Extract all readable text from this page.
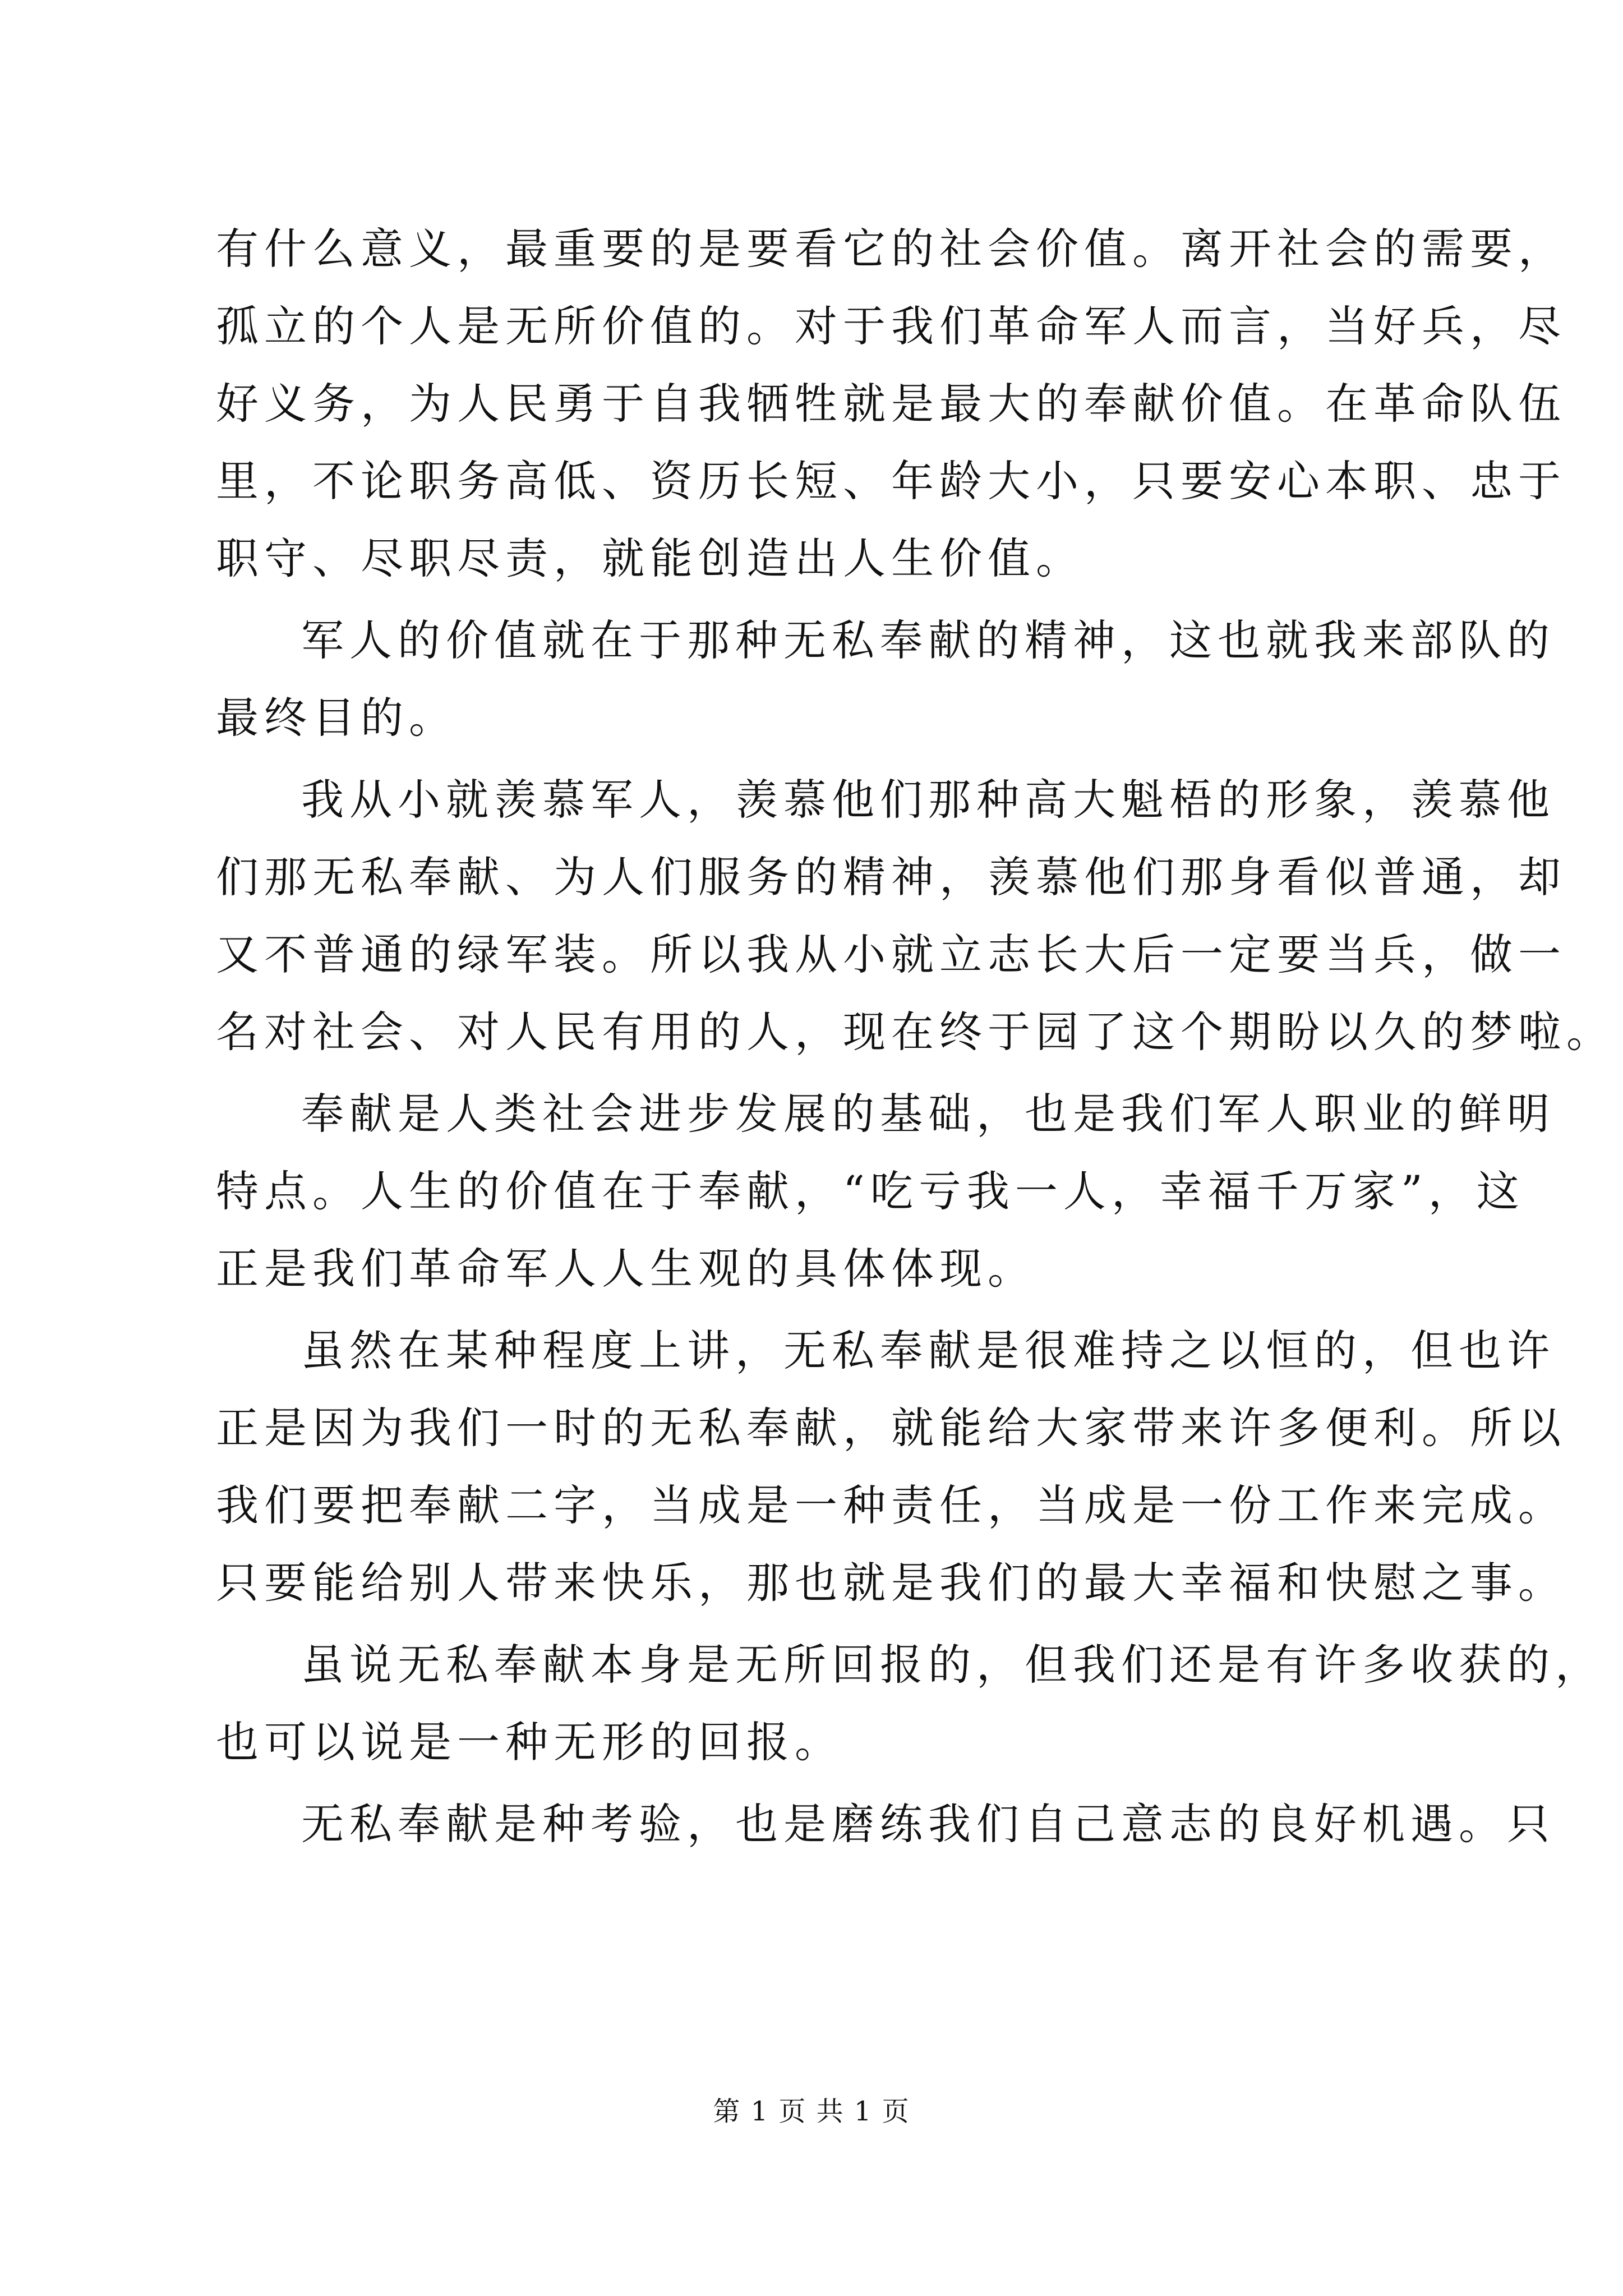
有什么意义，最重要的是要看它的社会价值。离开社会的需要，
孤立的个人是无所价值的。对于我们革命军人而言，当好兵，尽
好义务，为人民勇于自我牺牲就是最大的奉献价值。在革命队伍
里，不论职务高低、资历长短、年龄大小，只要安心本职、忠于
职守、尽职尽责，就能创造出人生价值。
军人的价值就在于那种无私奉献的精神，这也就我来部队的
最终目的。
我从小就羡慕军人，羡慕他们那种高大魁梧的形象，羡慕他
们那无私奉献、为人们服务的精神，羡慕他们那身看似普通，却
又不普通的绿军装。所以我从小就立志长大后一定要当兵，做一
名对社会、对人民有用的人，现在终于园了这个期盼以久的梦啦。
奉献是人类社会进步发展的基础，也是我们军人职业的鲜明
特点。人生的价值在于奉献，“吃亏我一人，幸福千万家”，这
正是我们革命军人人生观的具体体现。
虽然在某种程度上讲，无私奉献是很难持之以恒的，但也许
正是因为我们一时的无私奉献，就能给大家带来许多便利。所以
我们要把奉献二字，当成是一种责任，当成是一份工作来完成。
只要能给别人带来快乐，那也就是我们的最大幸福和快慰之事。
虽说无私奉献本身是无所回报的，但我们还是有许多收获的，
也可以说是一种无形的回报。
无私奉献是种考验，也是磨练我们自己意志的良好机遇。只
第 1 页 共 1 页
